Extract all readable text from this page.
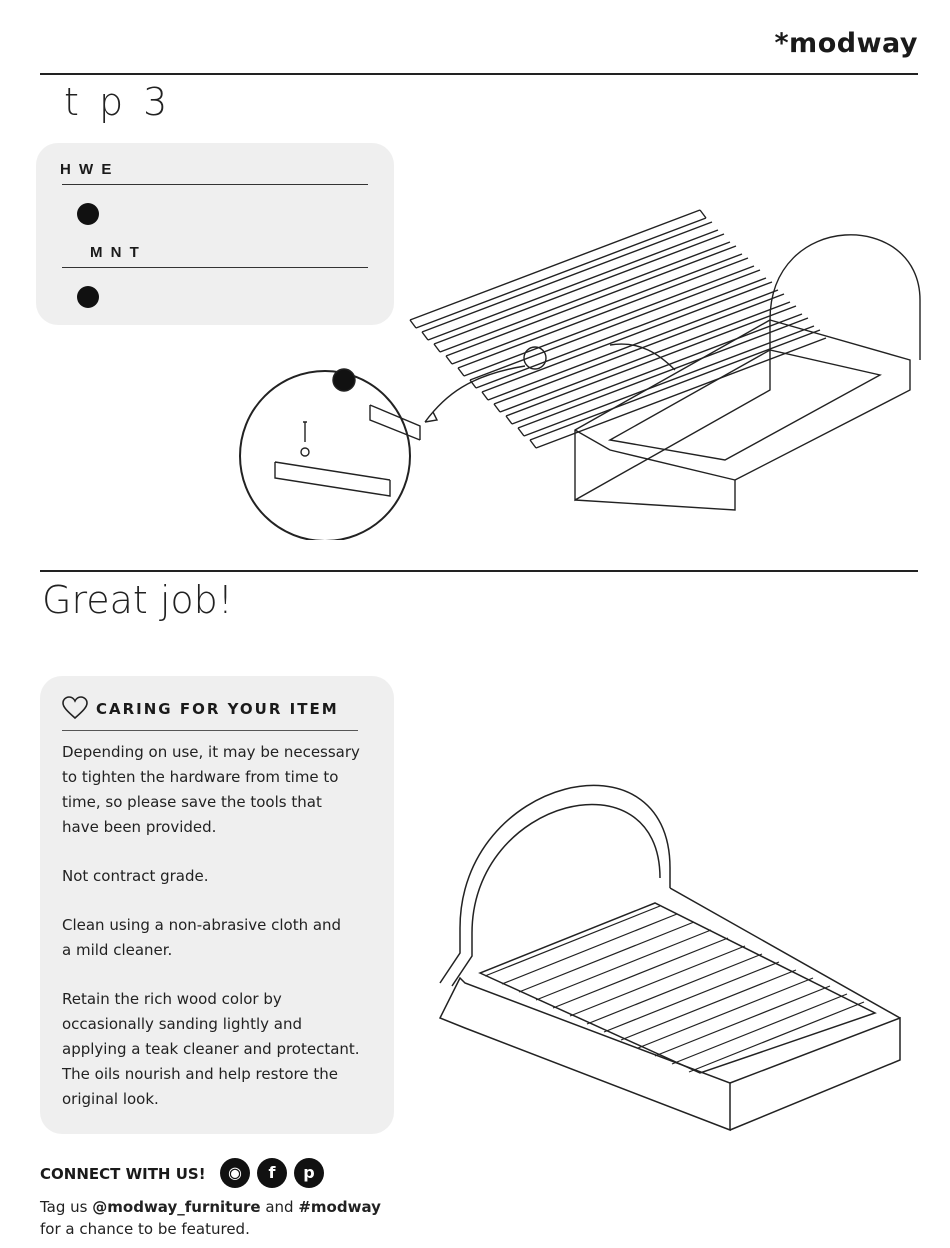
*modway
t p 3
H W E
M N T
Great job!
CARING FOR YOUR ITEM

Depending on use, it may be necessary
to tighten the hardware from time to
time, so please save the tools that
have been provided.

Not contract grade.

Clean using a non-abrasive cloth and
a mild cleaner.

Retain the rich wood color by
occasionally sanding lightly and
applying a teak cleaner and protectant.
The oils nourish and help restore the
original look.

CONNECT WITH US!	◉	f	p
Tag us @modway_furniture and #modway
for a chance to be featured.
